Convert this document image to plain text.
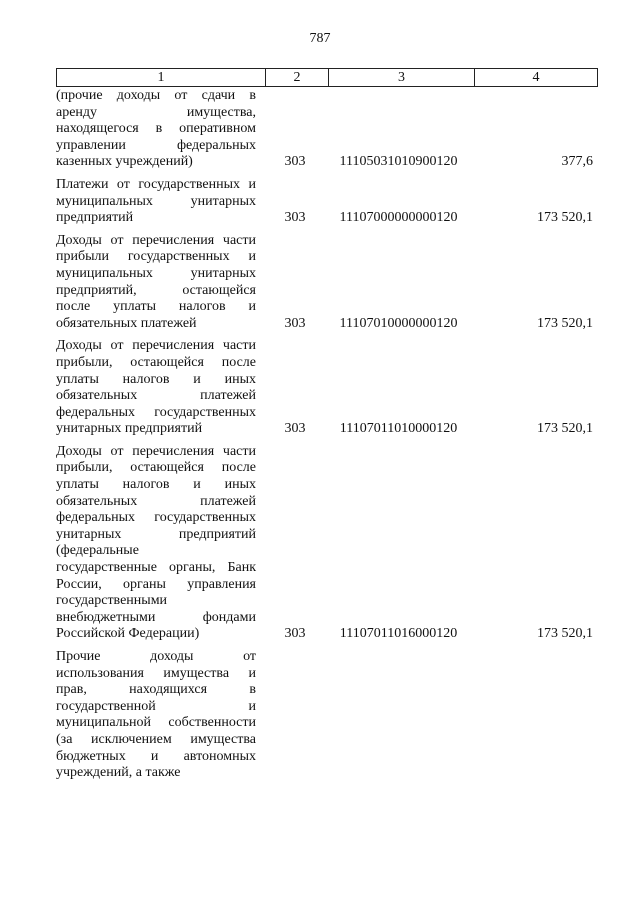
787
1	2	3	4
(прочие доходы от сдачи в
аренду имущества,
находящегося в оперативном
управлении федеральных
казенных учреждений)	303	11105031010900120	377,6
Платежи от государственных и
муниципальных унитарных
предприятий	303	11107000000000120	173 520,1
Доходы от перечисления части
прибыли государственных и
муниципальных унитарных
предприятий, остающейся
после уплаты налогов и
обязательных платежей	303	11107010000000120	173 520,1
Доходы от перечисления части
прибыли, остающейся после
уплаты налогов и иных
обязательных платежей
федеральных государственных
унитарных предприятий	303	11107011010000120	173 520,1
Доходы от перечисления части
прибыли, остающейся после
уплаты налогов и иных
обязательных платежей
федеральных государственных
унитарных предприятий
(федеральные
государственные органы, Банк
России, органы управления
государственными
внебюджетными фондами
Российской Федерации)	303	11107011016000120	173 520,1
Прочие доходы от
использования имущества и
прав, находящихся в
государственной и
муниципальной собственности
(за исключением имущества
бюджетных и автономных
учреждений, а также
